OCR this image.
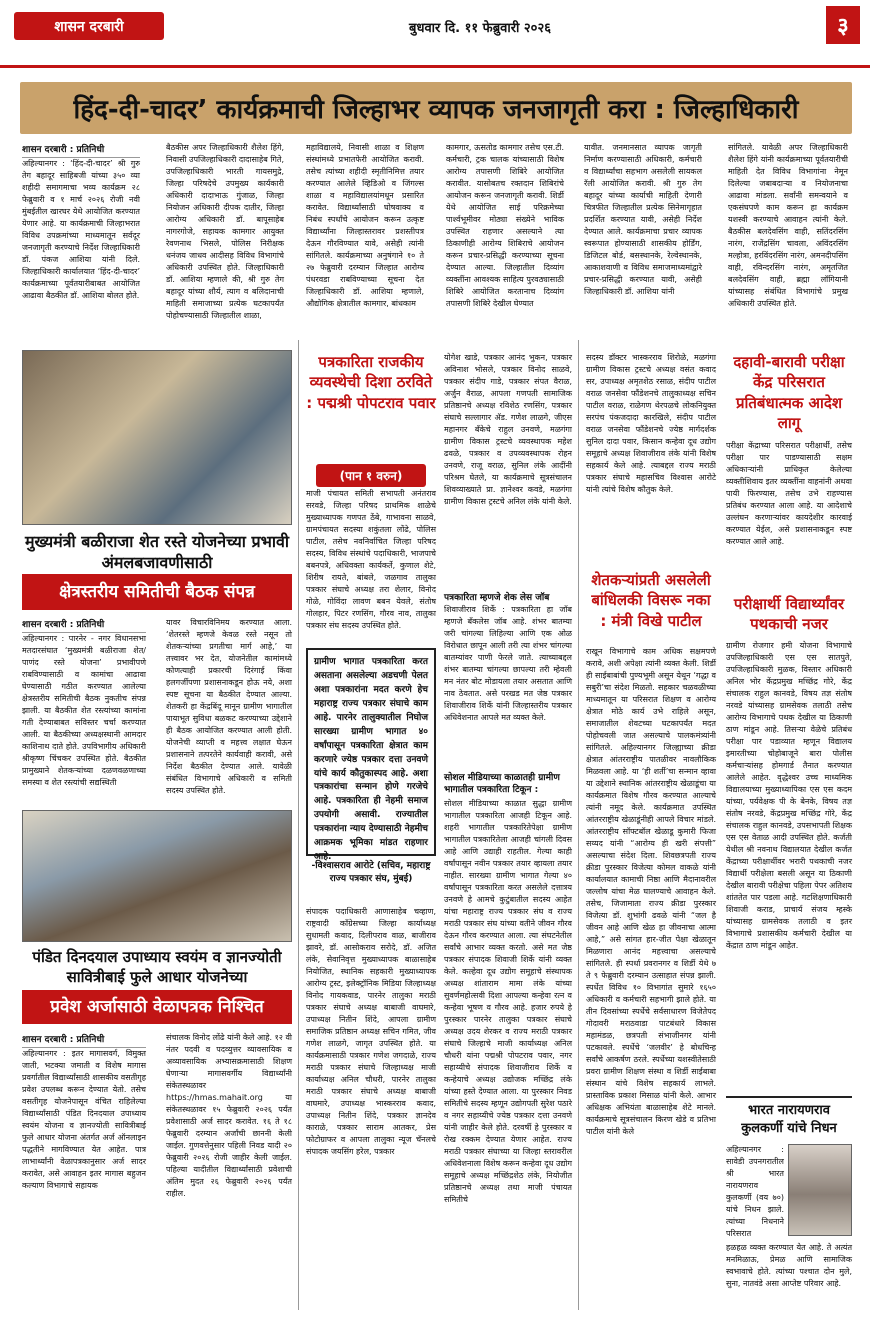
शासन दरबारी	बुधवार दि. ११ फेब्रुवारी २०२६	३
हिंद-दी-चादर’ कार्यक्रमाची जिल्हाभर व्यापक जनजागृती करा : जिल्हाधिकारी
शासन दरबारी : प्रतिनिधी
अहिल्यानगर : ‘हिंद-दी-चादर’ श्री गुरु तेग बहादूर साहिबजी यांच्या ३५० व्या शहीदी समागमाचा भव्य कार्यक्रम २८ फेब्रुवारी व १ मार्च २०२६ रोजी नवी मुंबईतील खारघर येथे आयोजित करण्यात येणार आहे. या कार्यक्रमाची जिल्हाभरात विविध उपक्रमांच्या माध्यमातून सर्वदूर जनजागृती करण्याचे निर्देश जिल्हाधिकारी डॉ. पंकज आशिया यांनी दिले. जिल्हाधिकारी कार्यालयात ‘हिंद-दी-चादर’ कार्यक्रमाच्या पूर्वतयारीबाबत आयोजित आढावा बैठकीत डॉ. आशिया बोलत होते.
बैठकीस अपर जिल्हाधिकारी शैलेश हिंगे, निवासी उपजिल्हाधिकारी दादासाहेब गिते, उपजिल्हाधिकारी भारती गायसमुद्रे, जिल्हा परिषदेचे उपमुख्य कार्यकारी अधिकारी दादाभाऊ गुंजाळ, जिल्हा नियोजन अधिकारी दीपक दातीर, जिल्हा आरोग्य अधिकारी डॉ. बापूसाहेब नागरगोजे, सहायक कामगार आयुक्त रेवणनाथ भिसले, पोलिस निरीक्षक धनंजय जाधव आदीसह विविध विभागांचे अधिकारी उपस्थित होते. जिल्हाधिकारी डॉ. आशिया म्हणाले की, श्री गुरु तेग बहादूर यांच्या शौर्य, त्याग व बलिदानाची माहिती समाजाच्या प्रत्येक घटकापर्यंत पोहोचण्यासाठी जिल्हातील शाळा,
महाविद्यालये, निवासी शाळा व शिक्षण संस्थांमध्ये प्रभातफेरी आयोजित करावी. तसेच त्यांच्या शहीदी स्मृतीनिमित्त तयार करण्यात आलेले व्हिडिओ व जिंगल्स शाळा व महाविद्यालयांमधून प्रसारित करावेत. विद्यार्थ्यांसाठी घोषवाक्य व निबंध स्पर्धांचे आयोजन करून उत्कृष्ट विद्यार्थ्यांना जिल्हास्तरावर प्रशस्तीपत्र देऊन गौरविण्यात यावे, असेही त्यांनी सांगितले. कार्यक्रमाच्या अनुषंगाने १० ते २७ फेब्रुवारी दरम्यान जिल्हात आरोग्य पंधरवडा राबविण्याच्या सूचना देत जिल्हाधिकारी डॉ. आशिया म्हणाले, औद्योगिक क्षेत्रातील कामगार, बांधकाम
कामगार, ऊसतोड कामगार तसेच एस.टी. कर्मचारी, ट्रक चालक यांच्यासाठी विशेष आरोग्य तपासणी शिबिरे आयोजित करावीत. यासोबतच रक्तदान शिबिरांचे आयोजन करून जनजागृती करावी. शिर्डी येथे आयोजित साई परिक्रमेच्या पार्श्वभूमीवर मोठ्या संख्येने भाविक उपस्थित राहणार असल्याने त्या ठिकाणीही आरोग्य शिबिराचे आयोजन करून प्रचार-प्रसिद्धी करण्याच्या सूचना देण्यात आल्या. जिल्हातील दिव्यांग व्यक्तींना आवश्यक साहित्य पुरवठ्यासाठी शिबिरे आयोजित करतानाच दिव्यांग तपासणी शिबिरे देखील घेण्यात
यावीत. जनमानसात व्यापक जागृती निर्माण करण्यासाठी अधिकारी, कर्मचारी व विद्यार्थ्यांचा सहभाग असलेली सायकल रॅली आयोजित करावी. श्री गुरु तेग बहादूर यांच्या कार्याची माहिती देणारी चित्रफीत जिल्हातील प्रत्येक सिनेमागृहात प्रदर्शित करण्यात यावी, असेही निर्देश देण्यात आले. कार्यक्रमाचा प्रचार व्यापक स्वरूपात होण्यासाठी शासकीय होर्डिंग, डिजिटल बोर्ड, बसस्थानके, रेल्वेस्थानके, आकाशवाणी व विविध समाजमाध्यमांद्वारे प्रचार-प्रसिद्धी करण्यात यावी, असेही जिल्हाधिकारी डॉ. आशिया यांनी
सांगितले. यावेळी अपर जिल्हाधिकारी शैलेश हिंगे यांनी कार्यक्रमाच्या पूर्वतयारीची माहिती देत विविध विभागांना नेमून दिलेल्या जबाबदाऱ्या व नियोजनाचा आढावा मांडला. सर्वांनी समन्वयाने व एकसंघपणे काम करून हा कार्यक्रम यशस्वी करण्याचे आवाहन त्यांनी केले. बैठकीस बलदेवसिंग वाही, सतिंदरसिंग नारंग, राजेंद्रसिंग चावला, अविंदरसिंग मल्होत्रा, हरविंदरसिंग नारंग, अमनदीपसिंग वाही, रविन्दरसिंग नारंग, अमृतजित बलदेवसिंग वाही, ब्रह्मा लॉगियानी यांच्यासह संबंधित विभागांचे प्रमुख अधिकारी उपस्थित होते.
मुख्यमंत्री बळीराजा शेत रस्ते योजनेच्या प्रभावी अंमलबजावणीसाठी
क्षेत्रस्तरीय समितीची बैठक संपन्न
शासन दरबारी : प्रतिनिधी
अहिल्यानगर : पारनेर - नगर विधानसभा मतदारसंघात ‘मुख्यमंत्री बळीराजा शेत/पाणंद रस्ते योजना’ प्रभावीपणे राबविण्यासाठी व कामांचा आढावा घेण्यासाठी गठीत करण्यात आलेल्या क्षेत्रस्तरीय समितीची बैठक नुकतीच संपन्न झाली. या बैठकीत शेत रस्त्यांच्या कामांना गती देण्याबाबत सविस्तर चर्चा करण्यात आली. या बैठकीच्या अध्यक्षस्थानी आमदार काशिनाथ दाते होते. उपविभागीय अधिकारी श्रीकृष्ण चिंचकर उपस्थित होते. बैठकीत प्रामुख्याने शेतकऱ्यांच्या दळणवळणाच्या समस्या व शेत रस्त्यांची सद्यस्थिती
यावर विचारविनिमय करण्यात आला. ‘शेतरस्ते म्हणजे केवळ रस्ते नसून तो शेतकऱ्यांच्या प्रगतीचा मार्ग आहे,’ या तत्त्वावर भर देत, योजनेतील कामांमध्ये कोणत्याही प्रकारची दिरंगाई किंवा हलगर्जीपणा प्रशासनाकडून होऊ नये, अशा स्पष्ट सूचना या बैठकीत देण्यात आल्या. शेतकरी हा केंद्रबिंदू मानून ग्रामीण भागातील पायाभूत सुविधा बळकट करण्याच्या उद्देशाने ही बैठक आयोजित करण्यात आली होती. योजनेची व्याप्ती व महत्त्व लक्षात घेऊन प्रशासनाने तत्परतेने कार्यवाही करावी, असे निर्देश बैठकीत देण्यात आले. यावेळी संबंधित विभागाचे अधिकारी व समिती सदस्य उपस्थित होते.
पंडित दिनदयाल उपाध्याय स्वयंम व ज्ञानज्योती सावित्रीबाई फुले आधार योजनेच्या
प्रवेश अर्जासाठी वेळापत्रक निश्चित
शासन दरबारी : प्रतिनिधी
अहिल्यानगर : इतर मागासवर्ग, विमुक्त जाती, भटक्या जमाती व विशेष मागास प्रवर्गातील विद्यार्थ्यांसाठी शासकीय वसतीगृह प्रवेश उपलब्ध करून देण्यात येतो. तसेच वसतीगृह योजनेपासून वंचित राहिलेल्या विद्यार्थ्यांसाठी पंडित दिनदयाल उपाध्याय स्वयंम योजना व ज्ञानज्योती सावित्रीबाई फुले आधार योजना अंतर्गत अर्ज ऑनलाइन पद्धतीने मागविण्यात येत आहेत. पात्र लाभार्थ्यांनी वेळापत्रकानुसार अर्ज सादर करावेत, असे आवाहन इतर मागास बहुजन कल्याण विभागाचे सहायक
संचालक विनोद लोंढे यांनी केले आहे. १२ वी नंतर पदवी व पदव्युत्तर व्यावसायिक व अव्यावसायिक अभ्यासक्रमासाठी शिक्षण घेणाऱ्या मागासवर्गीय विद्यार्थ्यांनी संकेतस्थळावर https://hmas.mahait.org या संकेतस्थळावर १५ फेब्रुवारी २०२६ पर्यंत प्रवेशासाठी अर्ज सादर करावेत. १६ ते १८ फेब्रुवारी दरम्यान अर्जांची छाननी केली जाईल. गुणवत्तेनुसार पहिली निवड यादी २० फेब्रुवारी २०२६ रोजी जाहीर केली जाईल. पहिल्या यादीतील विद्यार्थ्यांसाठी प्रवेशाची अंतिम मुदत २६ फेब्रुवारी २०२६ पर्यंत राहील.
पत्रकारिता राजकीय व्यवस्थेची दिशा ठरविते : पद्मश्री पोपटराव पवार
(पान १ वरुन)
माजी पंचायत समिती सभापती अनंतराव सरवडे, जिल्हा परिषद प्राथमिक शाळेचे मुख्याध्यापक गणपत ठेंबे, गाभावना साळवे, ग्रामपंचायत सदस्या शकुंतला लोंढे, पोलिस पाटील, तसेच नवनिर्वाचित जिल्हा परिषद सदस्य, विविध संस्थांचे पदाधिकारी, भाजपाचे बबनपत्रे, अधिवक्ता कार्यकर्ते, कुणाल शेटे, शिरीष रायते, बांबले, जळगाव तालुका पत्रकार संघाचे अध्यक्ष तरा शेलार, विनोद गोळे, गोविंदा लावण बबन येवले, संतोष गोलहार, पिटर रणसिंग, गौरव नाव, तालुका पत्रकार संघ सदस्य उपस्थित होते.
ग्रामीण भागात पत्रकारिता करत असताना असलेल्या अडचणी पेलत अशा पत्रकारांना मदत करणे हेच महाराष्ट्र राज्य पत्रकार संघाचे काम आहे. पारनेर तालुक्यातील निघोज सारख्या ग्रामीण भागात ४० वर्षांपासून पत्रकारिता क्षेत्रात काम करणारे ज्येष्ठ पत्रकार दत्ता उनवणे यांचे कार्य कौतुकास्पद आहे. अशा पत्रकारांचा सन्मान होणे गरजेचे आहे. पत्रकारिता ही नेहमी समाज उपयोगी असावी. राज्यातील पत्रकारांना न्याय देण्यासाठी नेहमीच आक्रमक भूमिका मांडत राहणार आहे.
-विश्वासराव आरोटे (सचिव, महाराष्ट्र राज्य पत्रकार संघ, मुंबई)
संपादक पदाधिकारी आणासाहेब चव्हाण, राष्ट्रवादी काँग्रेसच्या जिल्हा कार्याध्यक्ष सुधामती कवाद, दिलीपराव वाळ, बाजीराव झावरे, डॉ. आसोकराव सरोदे, डॉ. अजित लंके, सेवानिवृत्त मुख्याध्यापक बाळासाहेब नियोजित, स्थानिक सहकारी मुख्याध्यापक आरोग्य ट्रस्ट, इलेक्ट्रॉनिक मिडिया जिल्हाध्यक्ष विनोद गायकवाड, पारनेर तालुका मराठी पत्रकार संघाचे अध्यक्ष बाबाजी वाघमारे, उपाध्यक्ष नितीन शिंदे, आपला ग्रामीण समाजिक प्रतिष्ठान अध्यक्ष सचिन गमित, जीव गणेश लाळगे, जागृत उपस्थित होते. या कार्यक्रमासाठी पत्रकार गणेश जगदाळे, राज्य मराठी पत्रकार संघाचे जिल्हाध्यक्ष माजी कार्याध्यक्ष अनिल चौधरी, पारनेर तालुका मराठी पत्रकार संघाचे अध्यक्ष बाबाजी वाघमारे, उपाध्यक्ष भास्करराव कवाद, उपाध्यक्ष नितीन शिंदे, पत्रकार ज्ञानदेव काराळे, पत्रकार साराम आतकर, प्रेस फोटोग्राफर व आपला तालुका न्यूज चॅनलचे संपादक जयसिंग हरेल, पत्रकार
योगेश खाडे, पत्रकार आनंद भुकन, पत्रकार अविनाश भोसले, पत्रकार विनोद साळवे, पत्रकार संदीप गाडे, पत्रकार संपत वैराळ, अर्जुन वैराळ, आपला गणपती सामाजिक प्रतिष्ठानचे अध्यक्ष रविशेठ रणसिंग, पत्रकार संघाचे सल्लागार ॲड. गणेश लाळगे, जीएस महानगर बँकेचे राहुल उनवणे, मळगंगा ग्रामीण विकास ट्रस्टचे व्यवस्थापक महेश ढवळे, पत्रकार व उपव्यवस्थापक रोहन उनवणे, राजू वराळ, सुनिल लंके आदींनी परिश्रम घेतले, या कार्यक्रमाचे सूत्रसंचालन शिवव्याख्याते प्रा. ज्ञानेश्वर कवडे, मळगंगा ग्रामीण विकास ट्रस्टचे अनिल लंके यांनी केले.
पत्रकारिता म्हणजे शेक लेस जॉब
शिवाजीराव शिर्के : पत्रकारिता हा जॉब म्हणजे बँकलेस जॉब आहे. शंभर बातम्या जरी चांगल्या लिहिल्या आणि एक ओळ विरोधात छापून आली तरी त्या शंभर चांगल्या बातम्यांवर पाणी फेरले जाते. त्याच्याबद्दल शंभर बातम्या चांगल्या छापल्या तरी म्हेवली मन नंतर बोट मोडायला तयार असतात आणि नाव ठेवतात. असे परखड मत जेष्ठ पत्रकार शिवाजीराव शिर्के यांनी जिल्हास्तरीय पत्रकार अधिवेशनात आपले मत व्यक्त केले.
सोशल मीडियाच्या काळातही ग्रामीण भागातील पत्रकारिता टिकून :
सोशल मीडियाच्या काळात सुद्धा ग्रामीण भागातील पत्रकारिता आजही टिकून आहे. शहरी भागातील पत्रकारितेपेक्षा ग्रामीण भागातील पत्रकारितेला आजही चांगली दिवस आहे आणि उद्याही राहतील. गेल्या काही वर्षांपासून नवीन पत्रकार तयार व्हायला तयार नाहीत. सारख्या ग्रामीण भागात गेल्या ४० वर्षांपासून पत्रकारिता करत असलेले दत्तात्रय उनवणे हे आमचे कुटुंबातील सदस्य आहेत यांचा महाराष्ट्र राज्य पत्रकार संघ व राज्य मराठी पत्रकार संघ यांच्या वतीने जीवन गौरव देऊन गौरव करण्यात आला. त्या संघटनेतील सर्वांचे आभार व्यक्त करतो. असे मत जेष्ठ पत्रकार संपादक शिवाजी शिर्के यांनी व्यक्त केले. कल्हेवा दूध उद्योग समूहाचे संस्थापक अध्यक्ष शांताराम मामा लंके यांच्या सुवर्णमहोत्सवी दिशा आपल्या कन्हेवा रत्न व कन्हेवा भूषण व गौरव आहे. हजार रुपये हे पुरस्कार पारनेर तालुका पत्रकार संघाचे अध्यक्ष उदय शेरकर व राज्य मराठी पत्रकार संघाचे जिल्हाचे माजी कार्याध्यक्ष अनिल चौधरी यांना पद्मश्री पोपटराव पवार, नगर सहाय्यीचे संपादक शिवाजीराव शिर्के व कन्हेयाचे अध्यक्ष उद्योजक मच्छिंद्र लंके यांच्या हस्ते देण्यात आला. या पुरस्कार निवड समितीचे सदस्य म्हणून उद्योगपती सुरेश पठारे व नगर सहाय्यीचे ज्येष्ठ पत्रकार दत्ता उनवणे यांनी जाहीर केले होते. दरवर्षी हे पुरस्कार व रोख रक्कम देण्यात येणार आहेत. राज्य मराठी पत्रकार संघाच्या या जिल्हा स्तरावरील अधिवेशनाला विशेष करून कन्हेवा दूध उद्योग समूहाचे अध्यक्ष मच्छिंद्रशेठ लंके, नियोजीत प्रतिष्ठानचे अध्यक्ष तथा माजी पंचायत समितीचे
सदस्य डॉक्टर भास्करराव शिरोळे, मळगंगा ग्रामीण विकास ट्रस्टचे अध्यक्ष वसंत कवाद सर, उपाध्यक्ष अमृतशेठ रसाळ, संदीप पाटील वराळ जनसेवा फौंडेशनचे तालुकाध्यक्ष सचिन पाटील वराळ, राळेगण थेरपळचे लोकनियुक्त सरपंच पंकजदादा कारखिले, संदीप पाटील वराळ जनसेवा फौंडेशनचे ज्येष्ठ मार्गदर्शक सुनिल दादा पवार, किसान कन्हेवा दूध उद्योग समूहाचे अध्यक्ष शिवाजीराव लंके यांनी विशेष सहकार्य केले आहे. त्याबद्दल राज्य मराठी पत्रकार संघाचे महासचिव विश्वास आरोटे यांनी त्यांचे विशेष कौतुक केले.
शेतकऱ्यांप्रती असलेली बांधिलकी विसरू नका : मंत्री विखे पाटील
राखून विभागाचे काम अधिक सक्षमपणे करावे, अशी अपेक्षा त्यांनी व्यक्त केली. शिर्डी ही साईबाबांची पुण्यभूमी असून येथून ‘गद्धा व सबुरी’चा संदेश मिळतो. सहकार चळवळीच्या माध्यमातून या परिसरात शिक्षण व आरोग्य क्षेत्रात मोठे कार्य उभे राहिले असून, समाजातील शेवटच्या घटकापर्यंत मदत पोहोचवली जात असल्याचे पालकमंत्र्यांनी सांगितले. अहिल्यानगर जिल्ह्याच्या क्रीडा क्षेत्रात आंतरराष्ट्रीय पातळीवर नावलौकिक मिळवला आहे. या ‘ही शर्ती’चा सन्मान व्हावा या उद्देशाने स्थानिक आंतरराष्ट्रीय खेळाडूंचा या कार्यक्रमात विशेष गौरव करण्यात आल्याचे त्यांनी नमूद केले. कार्यक्रमात उपस्थित आंतरराष्ट्रीय खेळाडूंनीही आपले विचार मांडले. आंतरराष्ट्रीय सॉफ्टबॉल खेळाडू कुमारी फिजा सय्यद यांनी “आरोग्य ही खरी संपत्ती” असल्याचा संदेश दिला. शिवछत्रपती राज्य क्रीडा पुरस्कार विजेत्या कोमल वाकळे यांनी कार्यालयात कामाची निष्ठा आणि मैदानावरील जल्लोष यांचा मेळ घालण्याचे आवाहन केले. तसेच, जिजामाता राज्य क्रीडा पुरस्कार विजेत्या डॉ. शुभांगी ढवळे यांनी “जल है जीवन आहे आणि खेळ हा जीवनाचा आत्मा आहे,” असे सांगत हार-जीत पेक्षा खेळातून मिळणारा आनंद महत्त्वाचा असल्याचे सांगितले. ही स्पर्धा प्रवरानगर व शिर्डी येथे ७ ते ९ फेब्रुवारी दरम्यान उत्साहात संपन्न झाली. स्पर्धेत विविध १० विभागांत सुमारे १६५० अधिकारी व कर्मचारी सहभागी झाले होते. या तीन दिवसांच्या स्पर्धेचे सर्वसाधारण विजेतेपद गोदावरी मराठवाडा पाटबंधारे विकास महामंडळ, छत्रपती संभाजीनगर यांनी पटकावले. स्पर्धेचे ‘जलवीर’ हे बोधचिन्ह सर्वांचे आकर्षण ठरले. स्पर्धेच्या यशस्वीतेसाठी प्रवरा ग्रामीण शिक्षण संस्था व शिर्डी साईबाबा संस्थान यांचे विशेष सहकार्य लाभले. प्रास्ताविक प्रकाश मिसाळ यांनी केले. आभार अधिक्षक अभियंता बाळासाहेब शेटे मानले. कार्यक्रमाचे सूत्रसंचालन किरण खेडे व प्रतिभा पाटील यांनी केले
दहावी-बारावी परीक्षा केंद्र परिसरात प्रतिबंधात्मक आदेश लागू
परीक्षा केंद्राच्या परिसरात परीक्षार्थी, तसेच परीक्षा पार पाडण्यासाठी सक्षम अधिकाऱ्यांनी प्राधिकृत केलेल्या व्यक्तीशिवाय इतर व्यक्तींना वाहनांनी अथवा पायी फिरण्यास, तसेच उभे राहण्यास प्रतिबंध करण्यात आला आहे. या आदेशाचे उल्लंघन करणाऱ्यांवर कायदेशीर कारवाई करण्यात येईल, असे प्रशासनाकडून स्पष्ट करण्यात आले आहे.
परीक्षार्थी विद्यार्थ्यांवर पथकाची नजर
ग्रामीण रोजगार हमी योजना विभागाचे उपजिल्हाधिकारी एस एस सातपुते, उपजिल्हाधिकारी मुळक, विस्तार अधिकारी अनिल भोर केंद्रप्रमुख मच्छिंद्र गोरे, केंद्र संचालक राहुल कानवडे, विषय तज्ञ संतोष नरवडे यांच्यासह ग्रामसेवक तलाठी तसेच आरोग्य विभागाचे पथक देखील या ठिकाणी ठाण मांडून आहे. तिसऱ्या वेळेचे प्रतिबंध परीक्षा पार पडाव्यात म्हणून विद्यालय इमारतीच्या चोहोबाजूने बारा पोलीस कर्मचाऱ्यांसह होमगार्ड तैनात करण्यात आलेले आहेत. वृद्धेश्वर उच्च माध्यमिक विद्यालयाच्या मुख्याध्यापिका एस एस कदम यांच्या, पर्यवेक्षक पी के बेनके, विषय तज्ञ संतोष नरवडे, केंद्रप्रमुख मच्छिंद्र गोरे, केंद्र संचालक राहुल कानवडे, उपसभापती शिक्षक एस एस वेताळ आदी उपस्थित होते. कर्जती येथील श्री नवनाथ विद्यालयात देखील कर्जत केंद्राच्या परीक्षार्थीवर भरारी पथकाची नजर विद्यार्थी परीक्षेला बसली असून या ठिकाणी देखील बारावी परीक्षेचा पहिला पेपर अतिशय शांततेत पार पडला आहे. गटशिक्षणाधिकारी शिवाजी कराड, प्राचार्य संजय म्हस्के यांच्यासह ग्रामसेवक तलाठी व इतर विभागाचे प्रशासकीय कर्मचारी देखील या केंद्रात ठाण मांडून आहेत.
भारत नारायणराव कुलकर्णी यांचे निधन
अहिल्यानगर : सावेडी उपनगरातील श्री भारत नारायणराव कुलकर्णी (वय ७०) यांचे निधन झाले. त्यांच्या निधनाने परिसरात
हळहळ व्यक्त करण्यात येत आहे. ते अत्यंत मनमिळाऊ, प्रेमळ आणि सामाजिक स्वभावाचे होते. त्यांच्या पश्चात दोन मुले, सुना, नातवंडे असा आप्तेष्ट परिवार आहे.
